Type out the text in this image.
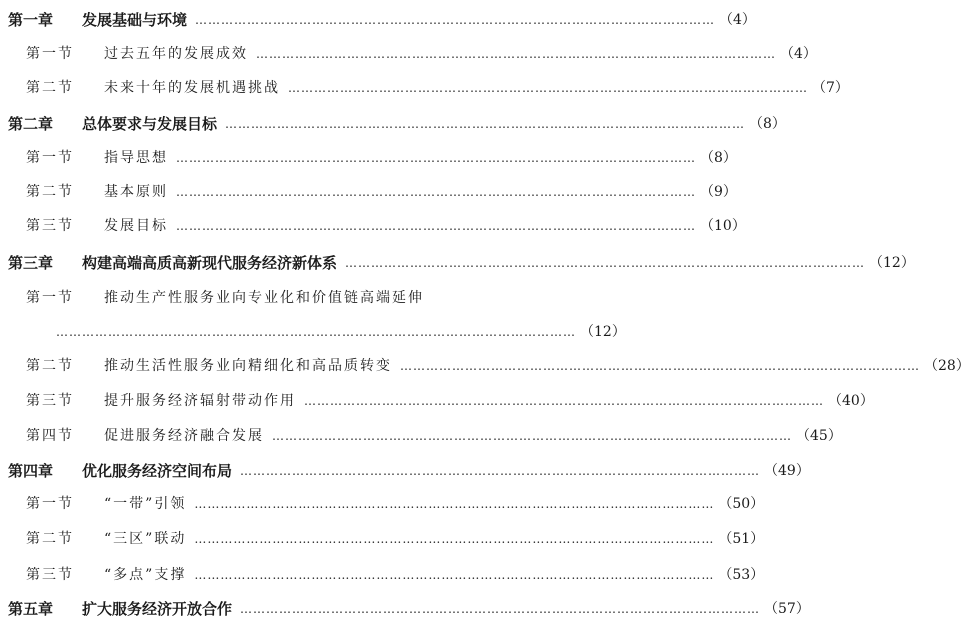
第一章	发展基础与环境 ………………………………………………………………………………………………………… （4）
第一节	过去五年的发展成效 ………………………………………………………………………………………………………… （4）
第二节	未来十年的发展机遇挑战 ………………………………………………………………………………………………………… （7）
第二章	总体要求与发展目标 ………………………………………………………………………………………………………… （8）
第一节	指导思想 ………………………………………………………………………………………………………… （8）
第二节	基本原则 ………………………………………………………………………………………………………… （9）
第三节	发展目标 ………………………………………………………………………………………………………… （10）
第三章	构建高端高质高新现代服务经济新体系 ………………………………………………………………………………………………………… （12）
第一节	推动生产性服务业向专业化和价值链高端延伸
………………………………………………………………………………………………………… （12）
第二节	推动生活性服务业向精细化和高品质转变 ………………………………………………………………………………………………………… （28）
第三节	提升服务经济辐射带动作用 ………………………………………………………………………………………………………… （40）
第四节	促进服务经济融合发展 ………………………………………………………………………………………………………… （45）
第四章	优化服务经济空间布局 ………………………………………………………………………………………………………… （49）
第一节	“一带”引领 ………………………………………………………………………………………………………… （50）
第二节	“三区”联动 ………………………………………………………………………………………………………… （51）
第三节	“多点”支撑 ………………………………………………………………………………………………………… （53）
第五章	扩大服务经济开放合作 ………………………………………………………………………………………………………… （57）
